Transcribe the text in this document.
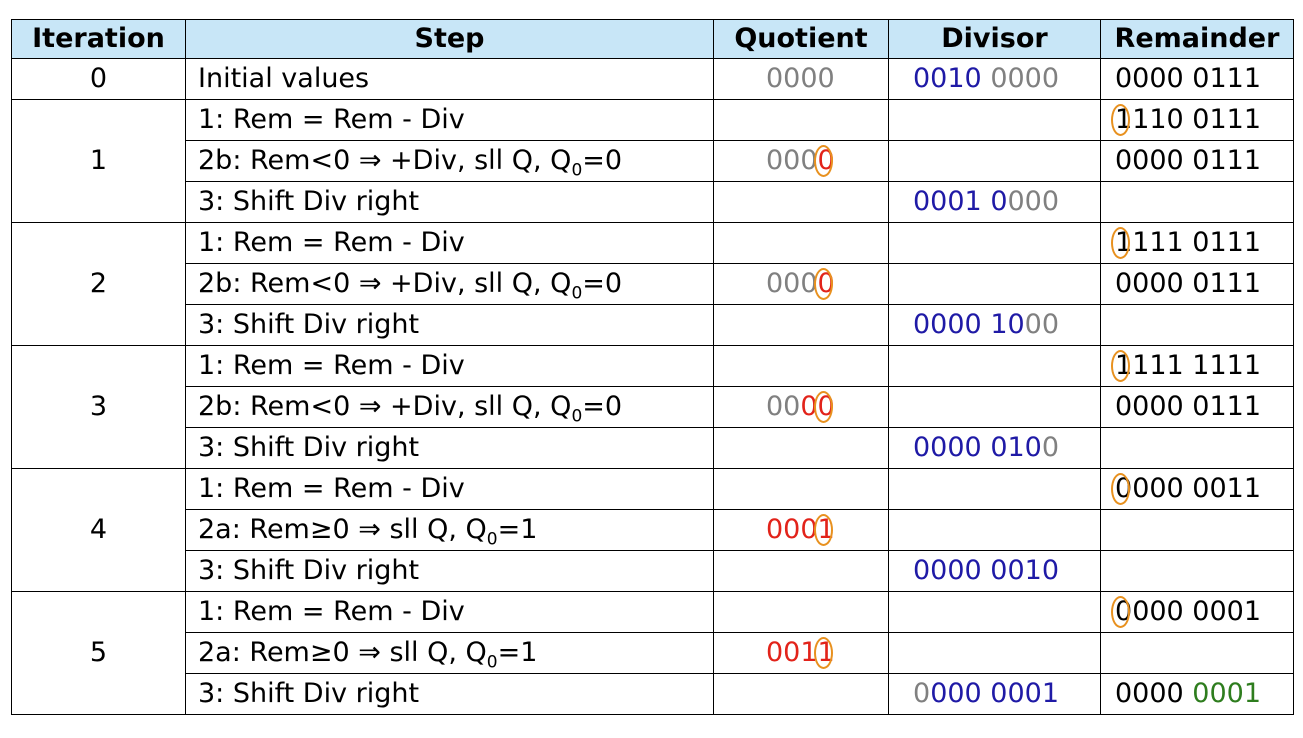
Iteration	Step	Quotient	Divisor	Remainder
0	Initial values	0000	0010 0000	0000 0111
1	1: Rem = Rem - Div			1110 0111
	2b: Rem<0 ⇒ +Div, sll Q, $Q_0=0$	0000		0000 0111
	3: Shift Div right		0001 0000	
2	1: Rem = Rem - Div			1111 0111
	2b: Rem<0 ⇒ +Div, sll Q, $Q_0=0$	0000		0000 0111
	3: Shift Div right		0000 1000	
3	1: Rem = Rem - Div			1111 1111
	2b: Rem<0 ⇒ +Div, sll Q, $Q_0=0$	0000		0000 0111
	3: Shift Div right		0000 0100	
4	1: Rem = Rem - Div			0000 0011
	2a: Rem≥0 ⇒ sll Q, $Q_0=1$	0001		
	3: Shift Div right		0000 0010	
5	1: Rem = Rem - Div			0000 0001
	2a: Rem≥0 ⇒ sll Q, $Q_0=1$	0011		
	3: Shift Div right		0000 0001	0000 0001
